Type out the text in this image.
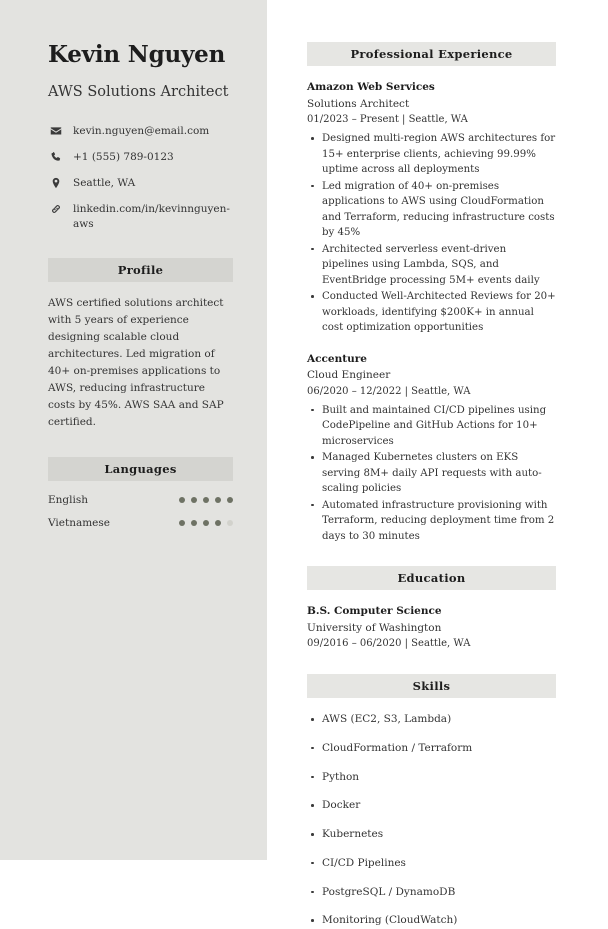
Kevin Nguyen
AWS Solutions Architect
kevin.nguyen@email.com
+1 (555) 789-0123
Seattle, WA
linkedin.com/in/kevinnguyen-aws
Profile

AWS certified solutions architect with 5 years of experience designing scalable cloud architectures. Led migration of 40+ on-premises applications to AWS, reducing infrastructure costs by 45%. AWS SAA and SAP certified.

Languages
English
Vietnamese
Professional Experience
Amazon Web Services
Solutions Architect
01/2023 – Present | Seattle, WA
Designed multi-region AWS architectures for 15+ enterprise clients, achieving 99.99% uptime across all deployments
Led migration of 40+ on-premises applications to AWS using CloudFormation and Terraform, reducing infrastructure costs by 45%
Architected serverless event-driven pipelines using Lambda, SQS, and EventBridge processing 5M+ events daily
Conducted Well-Architected Reviews for 20+ workloads, identifying $200K+ in annual cost optimization opportunities
Accenture
Cloud Engineer
06/2020 – 12/2022 | Seattle, WA
Built and maintained CI/CD pipelines using CodePipeline and GitHub Actions for 10+ microservices
Managed Kubernetes clusters on EKS serving 8M+ daily API requests with auto-scaling policies
Automated infrastructure provisioning with Terraform, reducing deployment time from 2 days to 30 minutes
Education
B.S. Computer Science
University of Washington
09/2016 – 06/2020 | Seattle, WA
Skills
AWS (EC2, S3, Lambda)
CloudFormation / Terraform
Python
Docker
Kubernetes
CI/CD Pipelines
PostgreSQL / DynamoDB
Monitoring (CloudWatch)
